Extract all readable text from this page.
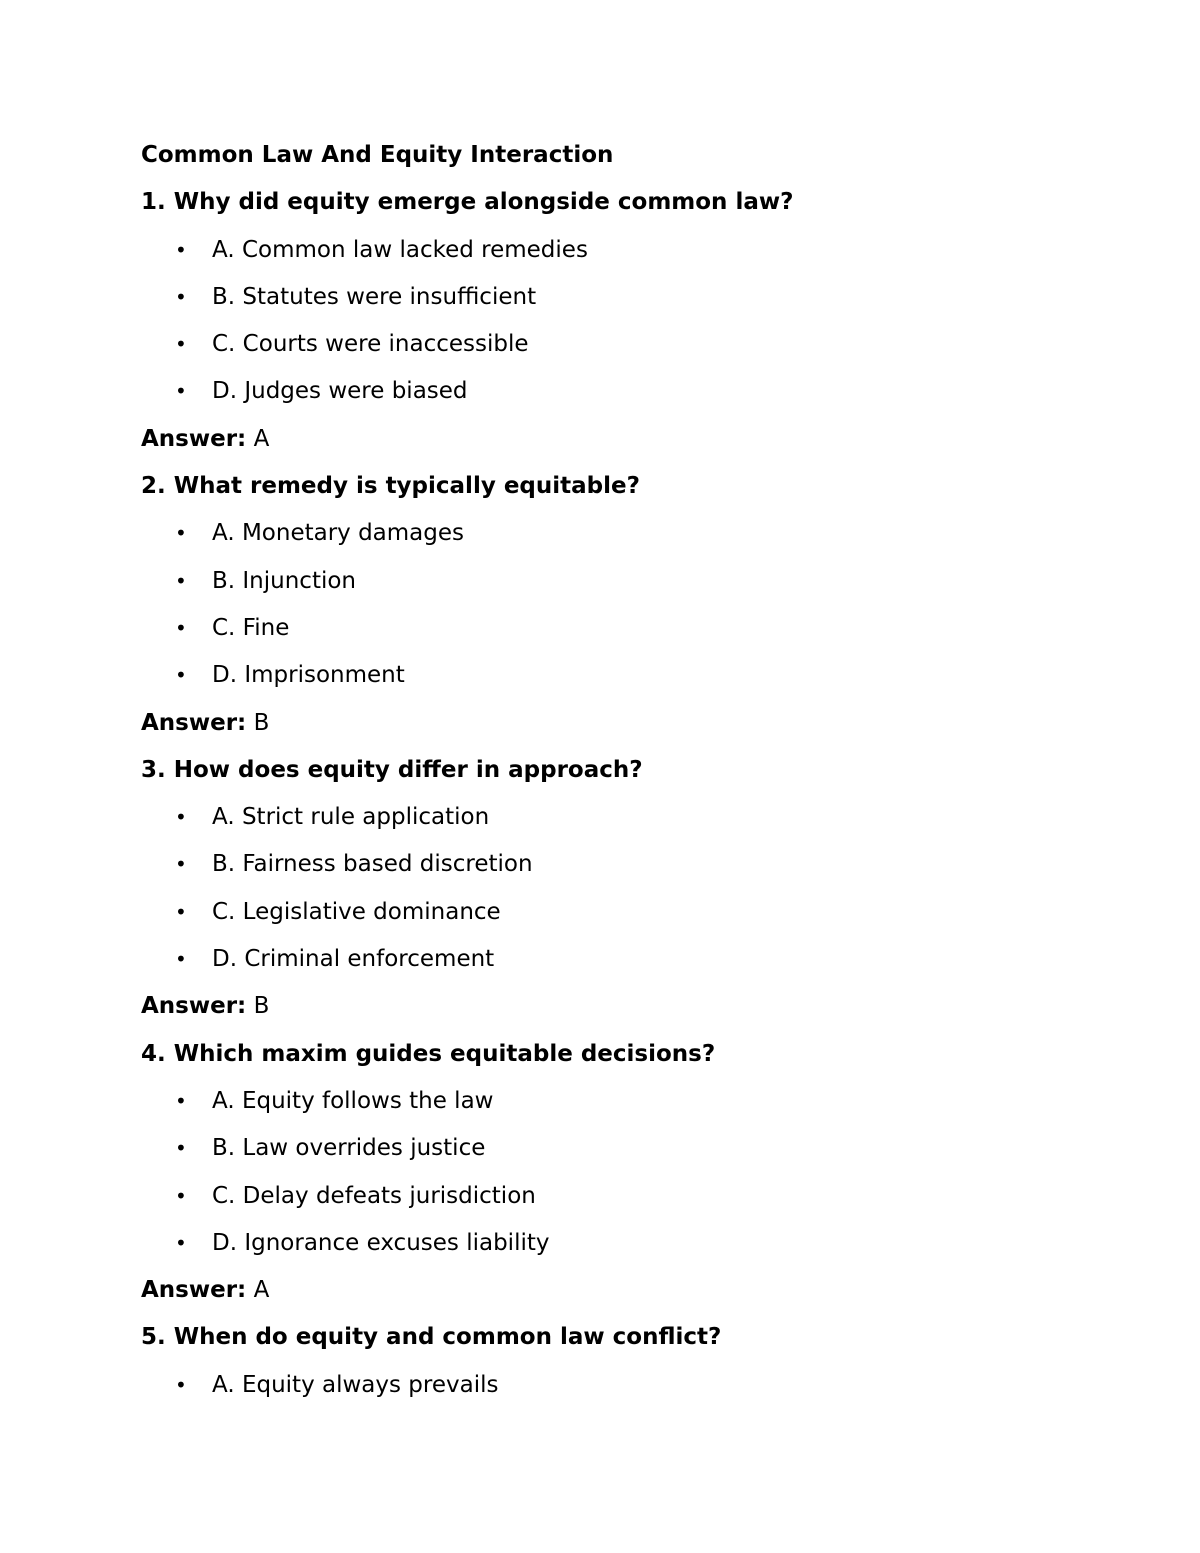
Common Law And Equity Interaction
1. Why did equity emerge alongside common law?
• A. Common law lacked remedies
• B. Statutes were insufficient
• C. Courts were inaccessible
• D. Judges were biased
Answer: A
2. What remedy is typically equitable?
• A. Monetary damages
• B. Injunction
• C. Fine
• D. Imprisonment
Answer: B
3. How does equity differ in approach?
• A. Strict rule application
• B. Fairness based discretion
• C. Legislative dominance
• D. Criminal enforcement
Answer: B
4. Which maxim guides equitable decisions?
• A. Equity follows the law
• B. Law overrides justice
• C. Delay defeats jurisdiction
• D. Ignorance excuses liability
Answer: A
5. When do equity and common law conflict?
• A. Equity always prevails
